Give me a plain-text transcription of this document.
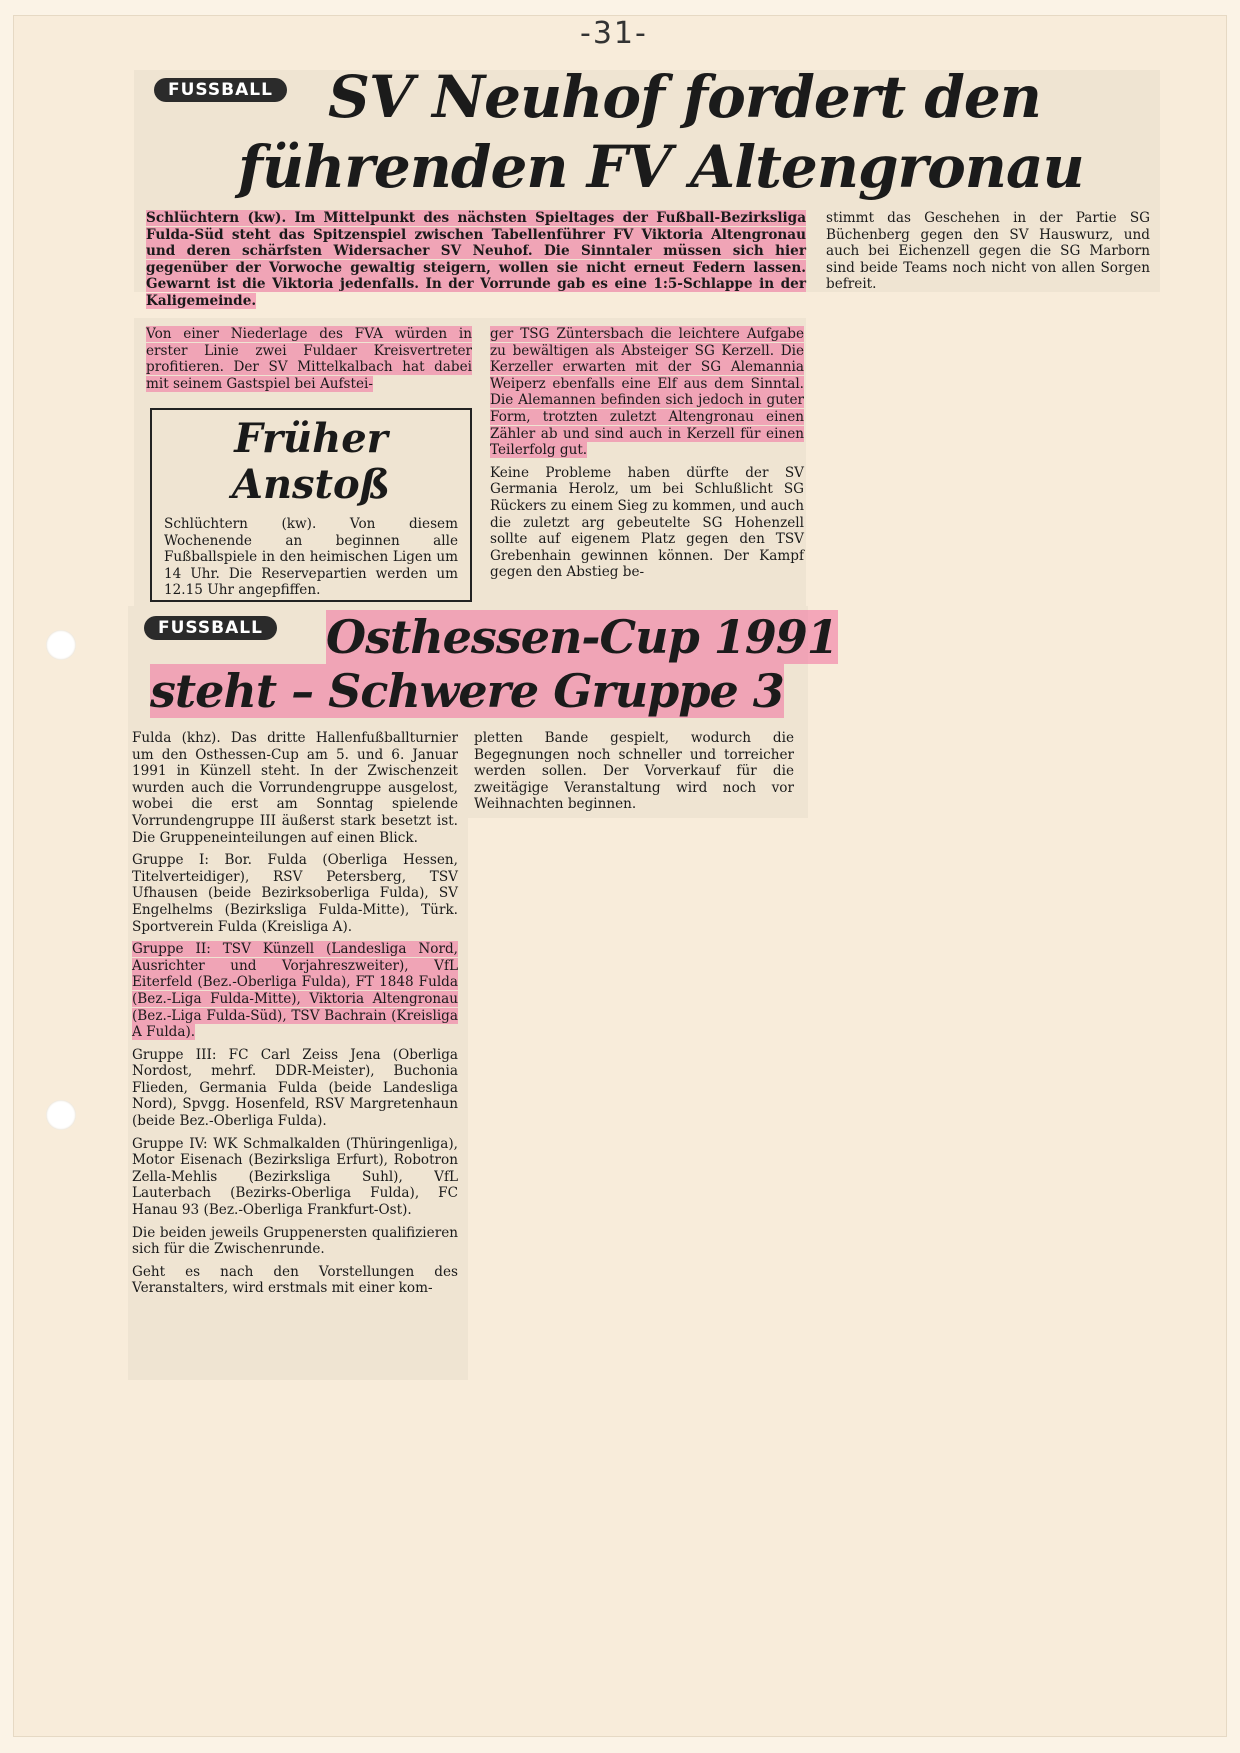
-31-
FUSSBALL SV Neuhof fordert den
führenden FV Altengronau
Schlüchtern (kw). Im Mittelpunkt des nächsten Spieltages der Fußball-Bezirksliga Fulda-Süd steht das Spitzenspiel zwischen Tabellenführer FV Viktoria Altengronau und deren schärfsten Widersacher SV Neuhof. Die Sinntaler müssen sich hier gegenüber der Vorwoche gewaltig steigern, wollen sie nicht erneut Federn lassen. Gewarnt ist die Viktoria jedenfalls. In der Vorrunde gab es eine 1:5-Schlappe in der Kaligemeinde.
stimmt das Geschehen in der Partie SG Büchenberg gegen den SV Hauswurz, und auch bei Eichenzell gegen die SG Marborn sind beide Teams noch nicht von allen Sorgen befreit.
Von einer Niederlage des FVA würden in erster Linie zwei Fuldaer Kreisvertreter profitieren. Der SV Mittelkalbach hat dabei mit seinem Gastspiel bei Aufstei-

ger TSG Züntersbach die leichtere Aufgabe zu bewältigen als Absteiger SG Kerzell. Die Kerzeller erwarten mit der SG Alemannia Weiperz ebenfalls eine Elf aus dem Sinntal. Die Alemannen befinden sich jedoch in guter Form, trotzten zuletzt Altengronau einen Zähler ab und sind auch in Kerzell für einen Teilerfolg gut.

Keine Probleme haben dürfte der SV Germania Herolz, um bei Schlußlicht SG Rückers zu einem Sieg zu kommen, und auch die zuletzt arg gebeutelte SG Hohenzell sollte auf eigenem Platz gegen den TSV Grebenhain gewinnen können. Der Kampf gegen den Abstieg be-

Früher
Anstoß
Schlüchtern (kw). Von diesem Wochenende an beginnen alle Fußballspiele in den heimischen Ligen um 14 Uhr. Die Reservepartien werden um 12.15 Uhr angepfiffen.
FUSSBALL	Osthessen-Cup 1991
steht – Schwere Gruppe 3

Fulda (khz). Das dritte Hallenfußballturnier um den Osthessen-Cup am 5. und 6. Januar 1991 in Künzell steht. In der Zwischenzeit wurden auch die Vorrundengruppe ausgelost, wobei die erst am Sonntag spielende Vorrundengruppe III äußerst stark besetzt ist. Die Gruppeneinteilungen auf einen Blick.

Gruppe I: Bor. Fulda (Oberliga Hessen, Titelverteidiger), RSV Petersberg, TSV Ufhausen (beide Bezirksoberliga Fulda), SV Engelhelms (Bezirksliga Fulda-Mitte), Türk. Sportverein Fulda (Kreisliga A).

Gruppe II: TSV Künzell (Landesliga Nord, Ausrichter und Vorjahreszweiter), VfL Eiterfeld (Bez.-Oberliga Fulda), FT 1848 Fulda (Bez.-Liga Fulda-Mitte), Viktoria Altengronau (Bez.-Liga Fulda-Süd), TSV Bachrain (Kreisliga A Fulda).

Gruppe III: FC Carl Zeiss Jena (Oberliga Nordost, mehrf. DDR-Meister), Buchonia Flieden, Germania Fulda (beide Landesliga Nord), Spvgg. Hosenfeld, RSV Margretenhaun (beide Bez.-Oberliga Fulda).

Gruppe IV: WK Schmalkalden (Thüringenliga), Motor Eisenach (Bezirksliga Erfurt), Robotron Zella-Mehlis (Bezirksliga Suhl), VfL Lauterbach (Bezirks-Oberliga Fulda), FC Hanau 93 (Bez.-Oberliga Frankfurt-Ost).

Die beiden jeweils Gruppenersten qualifizieren sich für die Zwischenrunde.

Geht es nach den Vorstellungen des Veranstalters, wird erstmals mit einer kom-

pletten Bande gespielt, wodurch die Begegnungen noch schneller und torreicher werden sollen. Der Vorverkauf für die zweitägige Veranstaltung wird noch vor Weihnachten beginnen.
